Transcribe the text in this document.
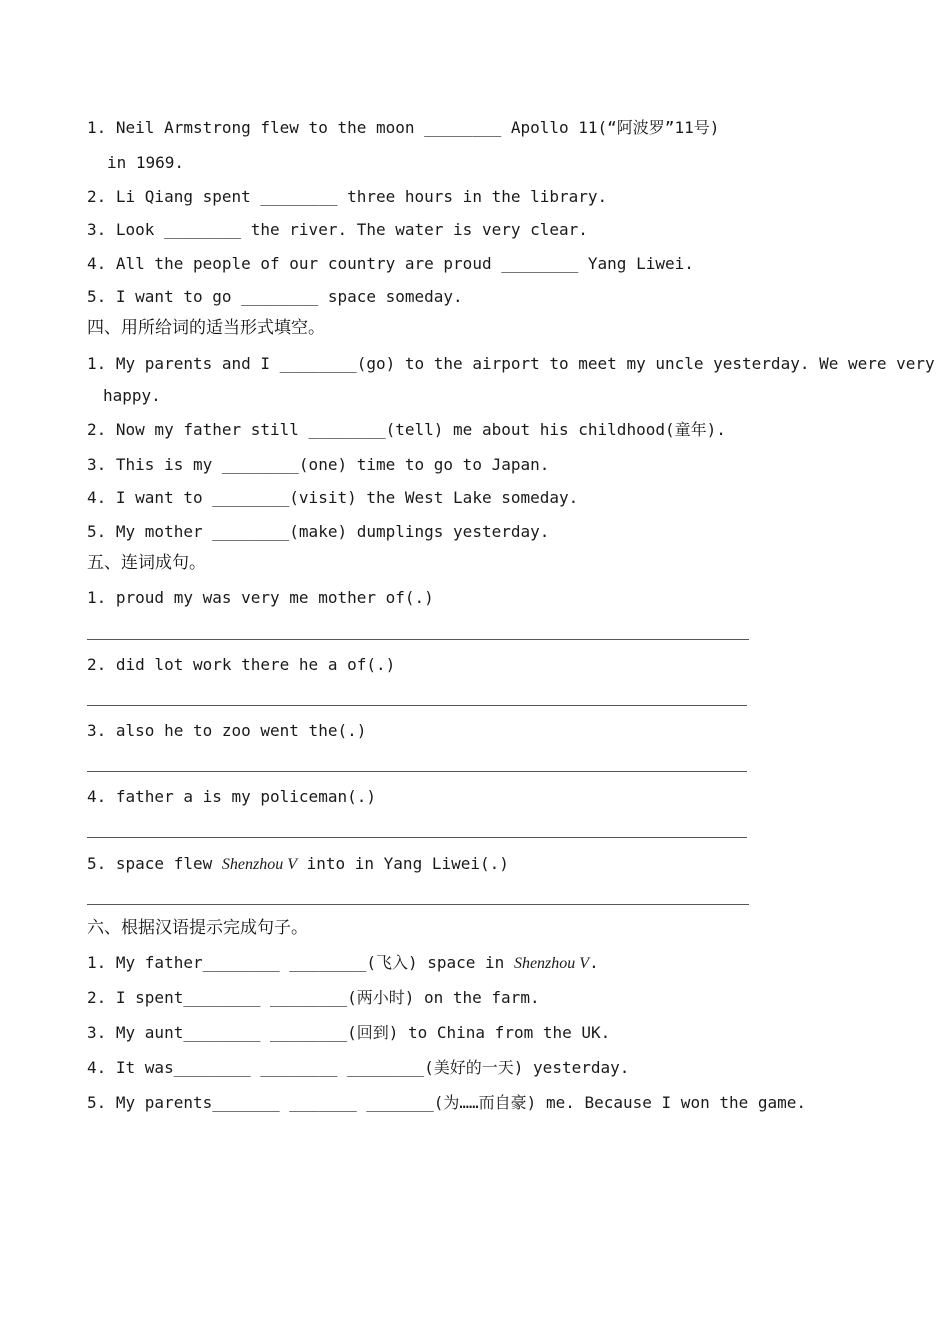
1. Neil Armstrong flew to the moon ________ Apollo 11(“阿波罗”11号)
in 1969.
2. Li Qiang spent ________ three hours in the library.
3. Look ________ the river. The water is very clear.
4. All the people of our country are proud ________ Yang Liwei.
5. I want to go ________ space someday.
四、用所给词的适当形式填空。
1. My parents and I ________(go) to the airport to meet my uncle yesterday. We were very
happy.
2. Now my father still ________(tell) me about his childhood(童年).
3. This is my ________(one) time to go to Japan.
4. I want to ________(visit) the West Lake someday.
5. My mother ________(make) dumplings yesterday.
五、连词成句。
1. proud my was very me mother of(.)
2. did lot work there he a of(.)
3. also he to zoo went the(.)
4. father a is my policeman(.)
5. space flew Shenzhou V into in Yang Liwei(.)
六、根据汉语提示完成句子。
1. My father________ ________(飞入) space in Shenzhou V.
2. I spent________ ________(两小时) on the farm.
3. My aunt________ ________(回到) to China from the UK.
4. It was________ ________ ________(美好的一天) yesterday.
5. My parents_______ _______ _______(为……而自豪) me. Because I won the game.
